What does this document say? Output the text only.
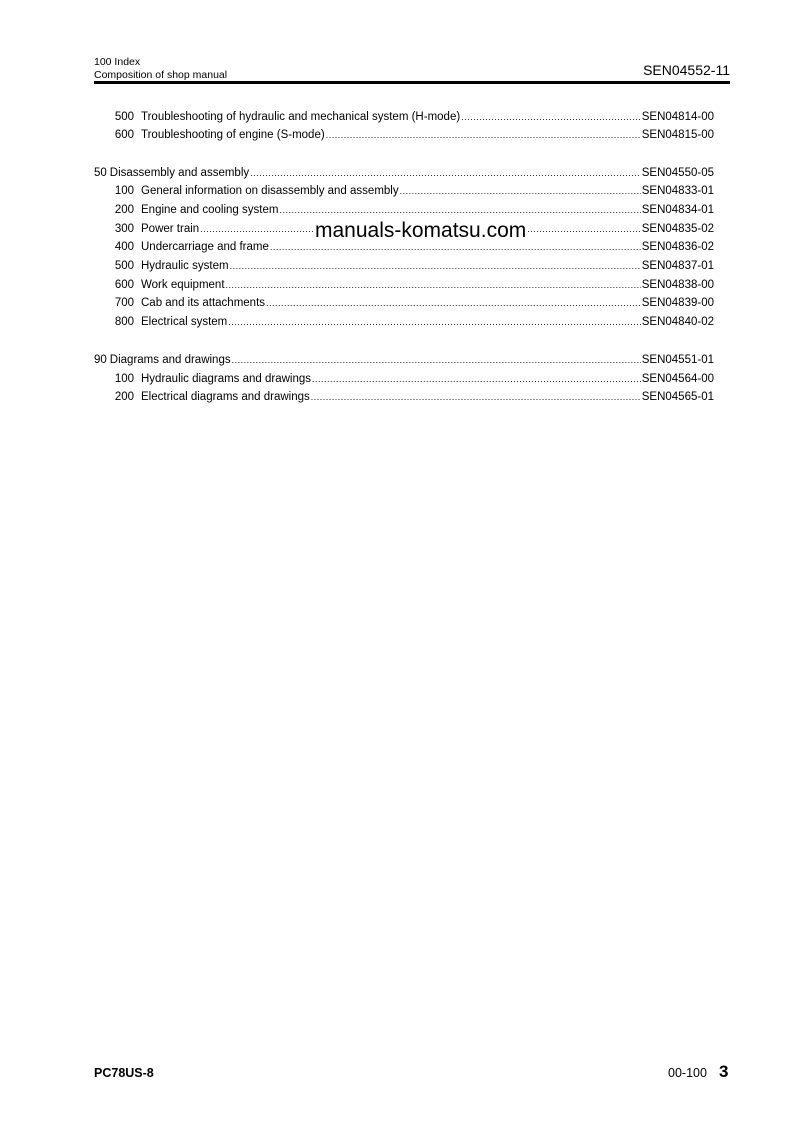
100 Index
Composition of shop manual	SEN04552-11
500 Troubleshooting of hydraulic and mechanical system (H-mode) .....	SEN04814-00
600 Troubleshooting of engine (S-mode) .....	SEN04815-00
50 Disassembly and assembly .....	SEN04550-05
100 General information on disassembly and assembly .....	SEN04833-01
200 Engine and cooling system .....	SEN04834-01
300 Power train .....	SEN04835-02
400 Undercarriage and frame .....	SEN04836-02
500 Hydraulic system .....	SEN04837-01
600 Work equipment .....	SEN04838-00
700 Cab and its attachments .....	SEN04839-00
800 Electrical system .....	SEN04840-02
90 Diagrams and drawings .....	SEN04551-01
100 Hydraulic diagrams and drawings .....	SEN04564-00
200 Electrical diagrams and drawings .....	SEN04565-01
manuals-komatsu.com
PC78US-8	00-100 3
